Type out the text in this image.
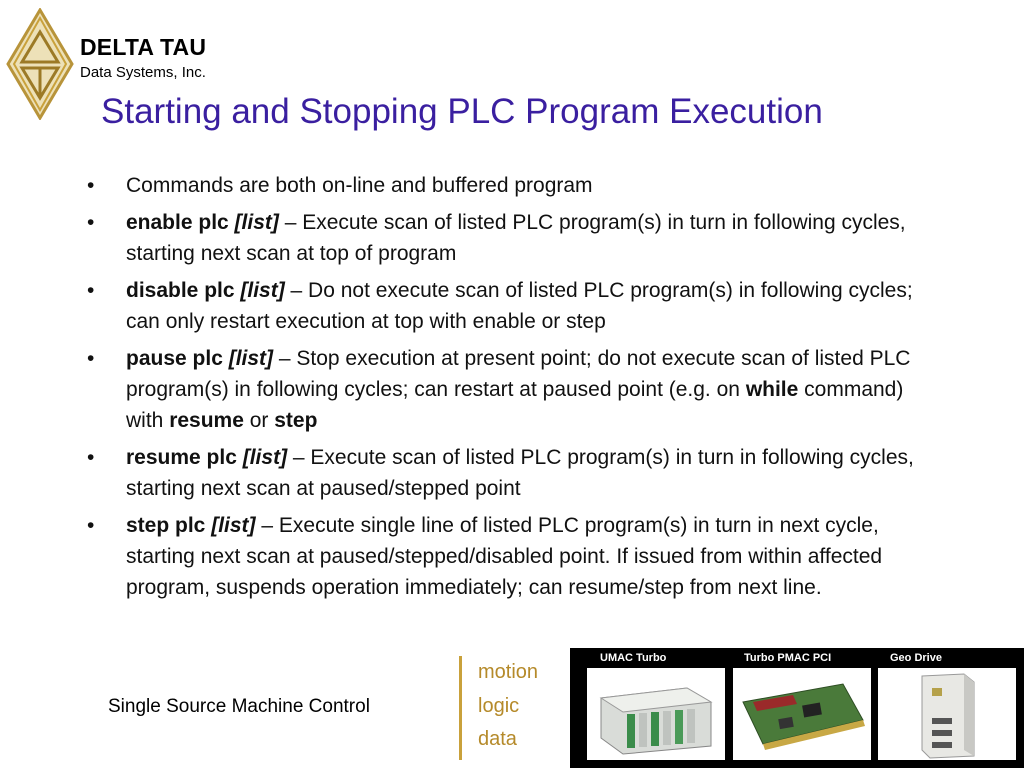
DELTA TAU
Data Systems, Inc.
Starting and Stopping PLC Program Execution
• Commands are both on-line and buffered program
• enable plc [list] – Execute scan of listed PLC program(s) in turn in following cycles, starting next scan at top of program
• disable plc [list] – Do not execute scan of listed PLC program(s) in following cycles; can only restart execution at top with enable or step
• pause plc [list] – Stop execution at present point; do not execute scan of listed PLC program(s) in following cycles; can restart at paused point (e.g. on while command) with resume or step
• resume plc [list] – Execute scan of listed PLC program(s) in turn in following cycles, starting next scan at paused/stepped point
• step plc [list] – Execute single line of listed PLC program(s) in turn in next cycle, starting next scan at paused/stepped/disabled point. If issued from within affected program, suspends operation immediately; can resume/step from next line.
Single Source Machine Control
motion
logic
data
UMAC Turbo	Turbo PMAC PCI	Geo Drive
